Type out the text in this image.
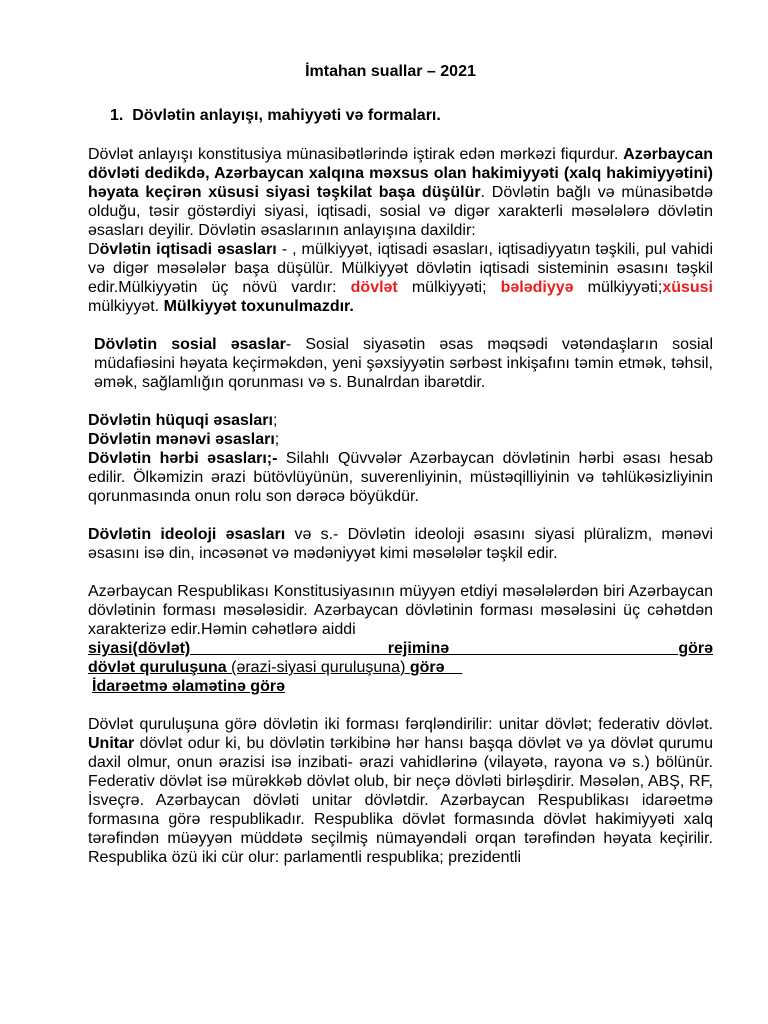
İmtahan suallar – 2021

1. Dövlətin anlayışı, mahiyyəti və formaları.

Dövlət anlayışı konstitusiya münasibətlərində iştirak edən mərkəzi fiqurdur. Azərbaycan dövləti dedikdə, Azərbaycan xalqına məxsus olan hakimiyyəti (xalq hakimiyyətini) həyata keçirən xüsusi siyasi təşkilat başa düşülür. Dövlətin bağlı və münasibətdə olduğu, təsir göstərdiyi siyasi, iqtisadi, sosial və digər xarakterli məsələlərə dövlətin əsasları deyilir. Dövlətin əsaslarının anlayışına daxildir:

Dövlətin iqtisadi əsasları - , mülkiyyət, iqtisadi əsasları, iqtisadiyyatın təşkili, pul vahidi və digər məsələlər başa düşülür. Mülkiyyət dövlətin iqtisadi sisteminin əsasını təşkil edir.Mülkiyyətin üç növü vardır: dövlət mülkiyyəti; bələdiyyə mülkiyyəti;xüsusi mülkiyyət. Mülkiyyət toxunulmazdır.

Dövlətin sosial əsaslar- Sosial siyasətin əsas məqsədi vətəndaşların sosial müdafiəsini həyata keçirməkdən, yeni şəxsiyyətin sərbəst inkişafını təmin etmək, təhsil, əmək, sağlamlığın qorunması və s. Bunalrdan ibarətdir.

Dövlətin hüquqi əsasları;

Dövlətin mənəvi əsasları;

Dövlətin hərbi əsasları;- Silahlı Qüvvələr Azərbaycan dövlətinin hərbi əsası hesab edilir. Ölkəmizin ərazi bütövlüyünün, suverenliyinin, müstəqilliyinin və təhlükəsizliyinin qorunmasında onun rolu son dərəcə böyükdür.

Dövlətin ideoloji əsasları və s.- Dövlətin ideoloji əsasını siyasi plüralizm, mənəvi əsasını isə din, incəsənət və mədəniyyət kimi məsələlər təşkil edir.

Azərbaycan Respublikası Konstitusiyasının müyyən etdiyi məsələlərdən biri Azərbaycan dövlətinin forması məsələsidir. Azərbaycan dövlətinin forması məsələsini üç cəhətdən xarakterizə edir.Həmin cəhətlərə aiddi

siyasi(dövlət)                         rejiminə                             görə

dövlət quruluşuna (ərazi-siyasi quruluşuna) görə

İdarəetmə əlamətinə görə

Dövlət quruluşuna görə dövlətin iki forması fərqləndirilir: unitar dövlət; federativ dövlət. Unitar dövlət odur ki, bu dövlətin tərkibinə hər hansı başqa dövlət və ya dövlət qurumu daxil olmur, onun ərazisi isə inzibati- ərazi vahidlərinə (vilayətə, rayona və s.) bölünür. Federativ dövlət isə mürəkkəb dövlət olub, bir neçə dövləti birləşdirir. Məsələn, ABŞ, RF, İsveçrə. Azərbaycan dövləti unitar dövlətdir. Azərbaycan Respublikası idarəetmə formasına görə respublikadır. Respublika dövlət formasında dövlət hakimiyyəti xalq tərəfindən müəyyən müddətə seçilmiş nümayəndəli orqan tərəfindən həyata keçirilir. Respublika özü iki cür olur: parlamentli respublika; prezidentli
